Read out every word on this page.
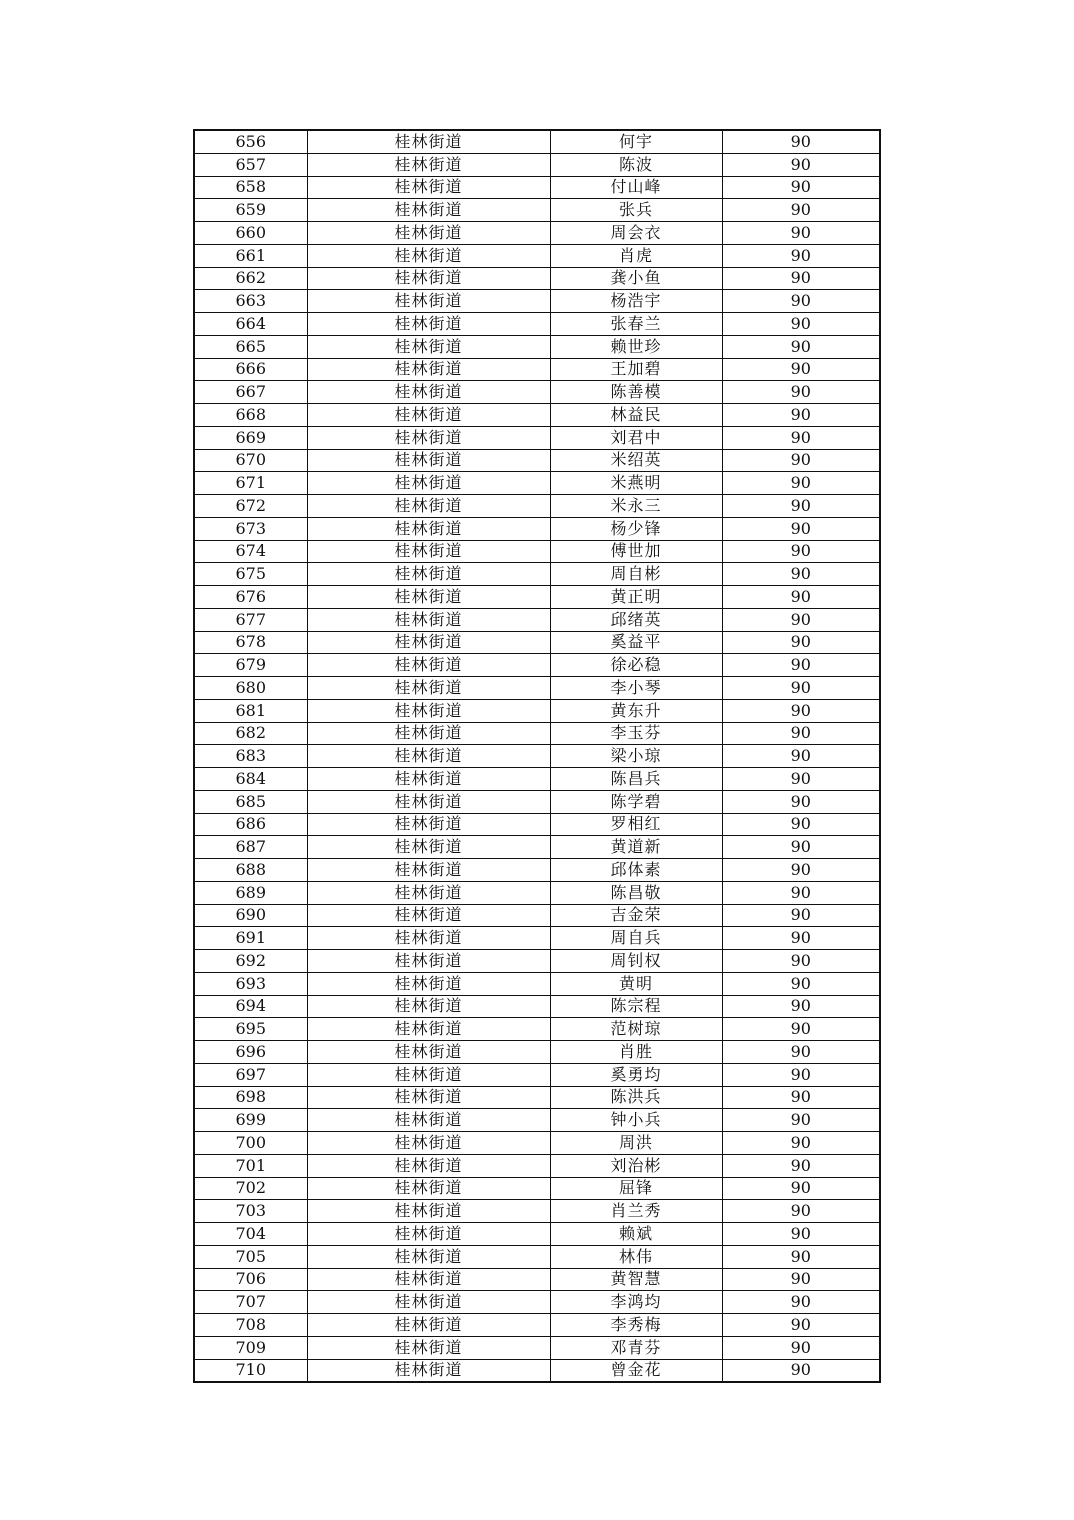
656	桂林街道	何宇	90
657	桂林街道	陈波	90
658	桂林街道	付山峰	90
659	桂林街道	张兵	90
660	桂林街道	周会衣	90
661	桂林街道	肖虎	90
662	桂林街道	龚小鱼	90
663	桂林街道	杨浩宇	90
664	桂林街道	张春兰	90
665	桂林街道	赖世珍	90
666	桂林街道	王加碧	90
667	桂林街道	陈善模	90
668	桂林街道	林益民	90
669	桂林街道	刘君中	90
670	桂林街道	米绍英	90
671	桂林街道	米燕明	90
672	桂林街道	米永三	90
673	桂林街道	杨少锋	90
674	桂林街道	傅世加	90
675	桂林街道	周自彬	90
676	桂林街道	黄正明	90
677	桂林街道	邱绪英	90
678	桂林街道	奚益平	90
679	桂林街道	徐必稳	90
680	桂林街道	李小琴	90
681	桂林街道	黄东升	90
682	桂林街道	李玉芬	90
683	桂林街道	梁小琼	90
684	桂林街道	陈昌兵	90
685	桂林街道	陈学碧	90
686	桂林街道	罗相红	90
687	桂林街道	黄道新	90
688	桂林街道	邱体素	90
689	桂林街道	陈昌敬	90
690	桂林街道	吉金荣	90
691	桂林街道	周自兵	90
692	桂林街道	周钊权	90
693	桂林街道	黄明	90
694	桂林街道	陈宗程	90
695	桂林街道	范树琼	90
696	桂林街道	肖胜	90
697	桂林街道	奚勇均	90
698	桂林街道	陈洪兵	90
699	桂林街道	钟小兵	90
700	桂林街道	周洪	90
701	桂林街道	刘治彬	90
702	桂林街道	屈锋	90
703	桂林街道	肖兰秀	90
704	桂林街道	赖斌	90
705	桂林街道	林伟	90
706	桂林街道	黄智慧	90
707	桂林街道	李鸿均	90
708	桂林街道	李秀梅	90
709	桂林街道	邓青芬	90
710	桂林街道	曾金花	90
